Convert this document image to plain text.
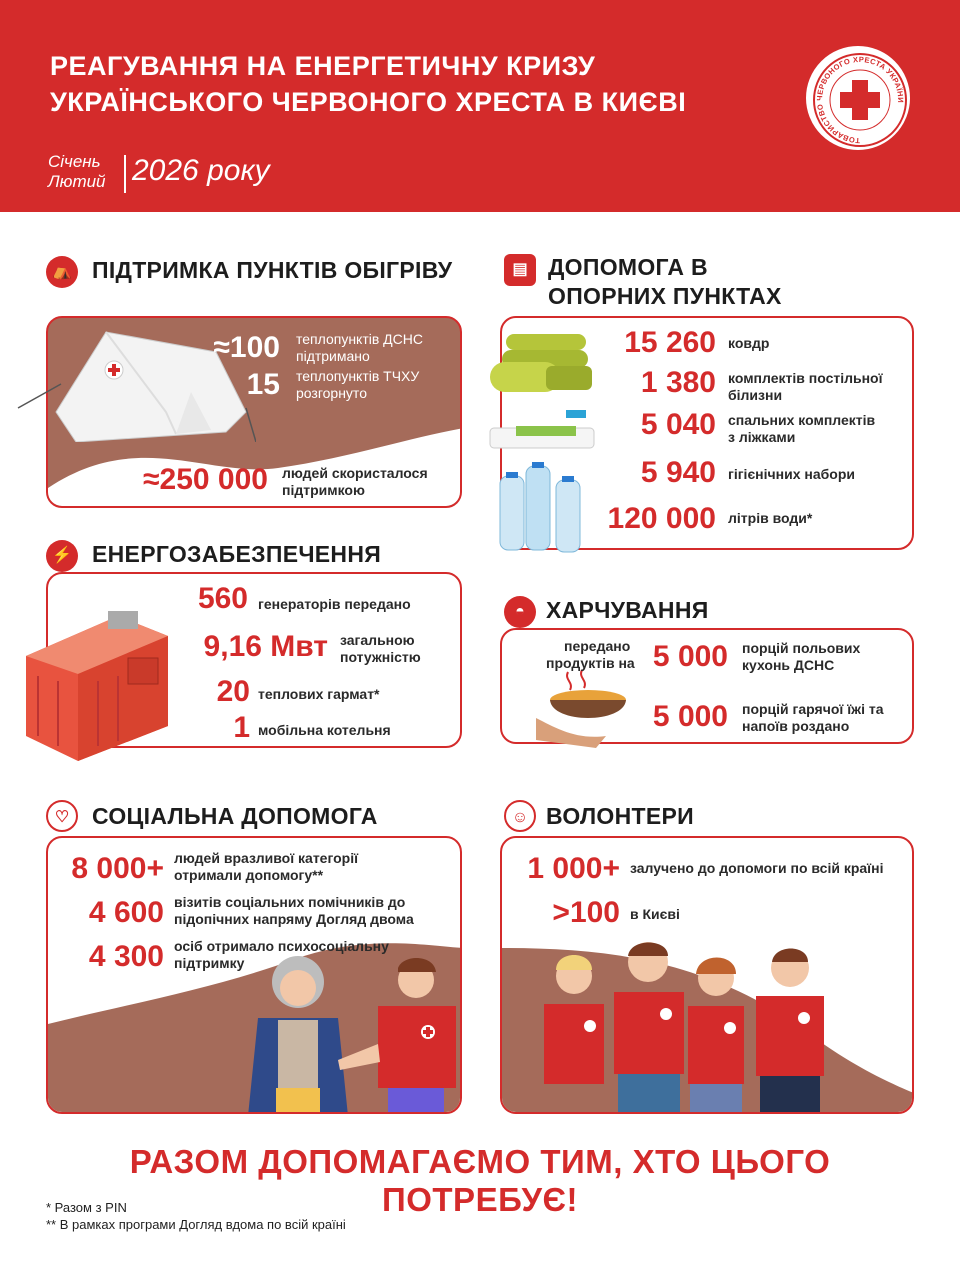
РЕАГУВАННЯ НА ЕНЕРГЕТИЧНУ КРИЗУ
УКРАЇНСЬКОГО ЧЕРВОНОГО ХРЕСТА В КИЄВІ
Січень
Лютий 2026 року
ТОВАРИСТВО ЧЕРВОНОГО ХРЕСТА УКРАЇНИ
⛺ ПІДТРИМКА ПУНКТІВ ОБІГРІВУ
≈100 теплопунктів ДСНС
підтримано
15 теплопунктів ТЧХУ
розгорнуто
≈250 000 людей скористалося
підтримкою
⚡ ЕНЕРГОЗАБЕЗПЕЧЕННЯ
560 генераторів передано
9,16 Мвт загальною
потужністю
20 теплових гармат*
1 мобільна котельня
▤ ДОПОМОГА В
ОПОРНИХ ПУНКТАХ
15 260 ковдр
1 380 комплектів постільної
білизни
5 040 спальних комплектів
з ліжками
5 940 гігієнічних набори
120 000 літрів води*
◓ ХАРЧУВАННЯ
передано
продуктів на 5 000 порцій польових
кухонь ДСНС
5 000 порцій гарячої їжі та
напоїв роздано
♡ СОЦІАЛЬНА ДОПОМОГА
8 000+ людей вразливої категорії
отримали допомогу**
4 600 візитів соціальних помічників до
підопічних напряму Догляд двома
4 300 осіб отримало психосоціальну
підтримку
☺ ВОЛОНТЕРИ
1 000+ залучено до допомоги по всій країні
>100 в Києві
РАЗОМ ДОПОМАГАЄМО ТИМ, ХТО ЦЬОГО ПОТРЕБУЄ!
* Разом з PIN
** В рамках програми Догляд вдома по всій країні
